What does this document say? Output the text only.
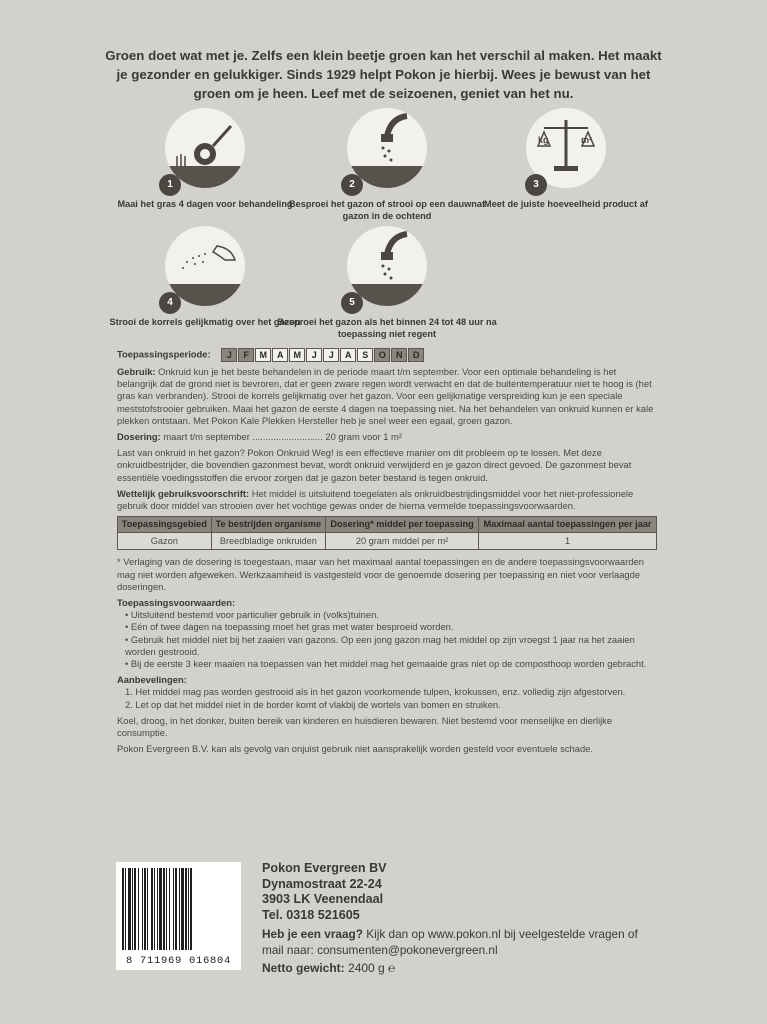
Groen doet wat met je. Zelfs een klein beetje groen kan het verschil al maken. Het maakt je gezonder en gelukkiger. Sinds 1929 helpt Pokon je hierbij. Wees je bewust van het groen om je heen. Leef met de seizoenen, geniet van het nu.
1
Maai het gras 4 dagen voor behandeling
2
Besproei het gazon of strooi op een dauwnat gazon in de ochtend
kg	m²
3
Meet de juiste hoeveelheid product af
4
Strooi de korrels gelijkmatig over het gazon
5
Besproei het gazon als het binnen 24 tot 48 uur na toepassing niet regent

Toepassingsperiode:	J	F	M	A	M	J	J	A	S	O	N	D

Gebruik: Onkruid kun je het beste behandelen in de periode maart t/m september. Voor een optimale behandeling is het belangrijk dat de grond niet is bevroren, dat er geen zware regen wordt verwacht en dat de buitentemperatuur niet te hoog is (het gras kan verbranden). Strooi de korrels gelijkmatig over het gazon. Voor een gelijkmatige verspreiding kun je een speciale meststofstrooier gebruiken. Maai het gazon de eerste 4 dagen na toepassing niet. Na het behandelen van onkruid kunnen er kale plekken ontstaan. Met Pokon Kale Plekken Hersteller heb je snel weer een egaal, groen gazon.

Dosering: maart t/m september ........................... 20 gram voor 1 m²

Last van onkruid in het gazon? Pokon Onkruid Weg! is een effectieve manier om dit probleem op te lossen. Met deze onkruidbestrijder, die bovendien gazonmest bevat, wordt onkruid verwijderd en je gazon direct gevoed. De gazonmest bevat essentiële voedingsstoffen die ervoor zorgen dat je gazon beter bestand is tegen onkruid.

Wettelijk gebruiksvoorschrift: Het middel is uitsluitend toegelaten als onkruidbestrijdingsmiddel voor het niet-professionele gebruik door middel van strooien over het vochtige gewas onder de hierna vermelde toepassingsvoorwaarden.

Toepassingsgebied	Te bestrijden organisme	Dosering* middel per toepassing	Maximaal aantal toepassingen per jaar
Gazon	Breedbladige onkruiden	20 gram middel per m²	1

* Verlaging van de dosering is toegestaan, maar van het maximaal aantal toepassingen en de andere toepassingsvoorwaarden mag niet worden afgeweken. Werkzaamheid is vastgesteld voor de genoemde dosering per toepassing en niet voor verlaagde doseringen.

Toepassingsvoorwaarden:

• Uitsluitend bestemd voor particulier gebruik in (volks)tuinen.
• Eén of twee dagen na toepassing moet het gras met water besproeid worden.
• Gebruik het middel niet bij het zaaien van gazons. Op een jong gazon mag het middel op zijn vroegst 1 jaar na het zaaien worden gestrooid.
• Bij de eerste 3 keer maaien na toepassen van het middel mag het gemaaide gras niet op de composthoop worden gebracht.

Aanbevelingen:

1. Het middel mag pas worden gestrooid als in het gazon voorkomende tulpen, krokussen, enz. volledig zijn afgestorven.
2. Let op dat het middel niet in de border komt of vlakbij de wortels van bomen en struiken.

Koel, droog, in het donker, buiten bereik van kinderen en huisdieren bewaren. Niet bestemd voor menselijke en dierlijke consumptie.

Pokon Evergreen B.V. kan als gevolg van onjuist gebruik niet aansprakelijk worden gesteld voor eventuele schade.

8 711969 016804
Pokon Evergreen BV
Dynamostraat 22-24
3903 LK Veenendaal
Tel. 0318 521605
Heb je een vraag? Kijk dan op www.pokon.nl bij veelgestelde vragen of mail naar: consumenten@pokonevergreen.nl
Netto gewicht: 2400 g ℮
